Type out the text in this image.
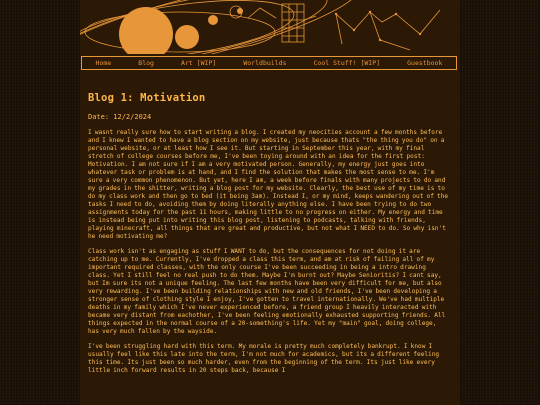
Home	Blog	Art [WIP]	Worldbuilds	Cool Stuff! [WIP]	Guestbook
Blog 1: Motivation
Date: 12/2/2024

I wasnt really sure how to start writing a blog. I created my neocities account a few months before and I knew I wanted to have a blog section on my website, just because thats "the thing you do" on a personal website, or at least how I see it. But starting in September this year, with my final stretch of college courses before me, I've been toying around with an idea for the first post: Motivation. I am not sure if I am a very motivated person. Generally, my energy just goes into whatever task or problem is at hand, and I find the solution that makes the most sense to me. I'm sure a very common phenomenon. But yet, here I am, a week before finals with many projects to do and my grades in the shitter, writing a blog post for my website. Clearly, the best use of my time is to do my class work and then go to bed (it being 3am). Instead I, or my mind, keeps wandering out of the tasks I need to do, avoiding them by doing literally anything else. I have been trying to do two assignments today for the past 11 hours, making little to no progress on either. My energy and time is instead being put into writing this blog post, listening to podcasts, talking with friends, playing minecraft, all things that are great and productive, but not what I NEED to do. So why isn't he need motivating me?

Class work isn't as engaging as stuff I WANT to do, but the consequences for not doing it are catching up to me. Currently, I've dropped a class this term, and am at risk of failing all of my important required classes, with the only course I've been succeeding in being a intro drawing class. Yet I still feel no real push to do them. Maybe I'm burnt out? Maybe Senioritis? I cant say, but Im sure its not a unique feeling. The last few months have been very difficult for me, but also very rewarding. I've been building relationships with new and old friends, I've been developing a stronger sense of clothing style I enjoy, I've gotten to travel internationally. We've had multiple deaths in my family which I've never experienced before, a friend group I heavily interacted with became very distant from eachother, I've been feeling emotionally exhausted supporting friends. All things expected in the normal course of a 20-something's life. Yet my "main" goal, doing college, has very much fallen by the wayside.

I've been struggling hard with this term. My morale is pretty much completely bankrupt. I know I usually feel like this late into the term, I'm not much for academics, but its a different feeling this time. Its just been so much harder, even from the beginning of the term. Its just like every little inch forward results in 20 steps back, because I
